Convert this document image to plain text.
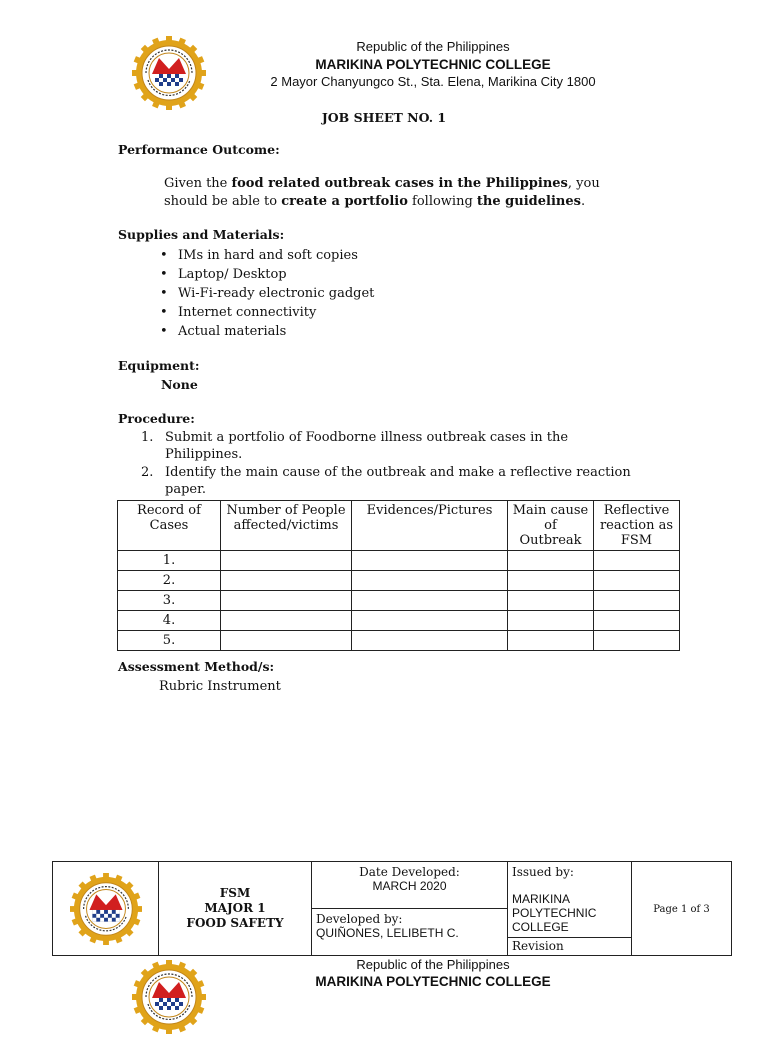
Republic of the Philippines
MARIKINA POLYTECHNIC COLLEGE
2 Mayor Chanyungco St., Sta. Elena, Marikina City 1800
JOB SHEET NO. 1
Performance Outcome:
Given the food related outbreak cases in the Philippines, you should be able to create a portfolio following the guidelines.
Supplies and Materials:
• IMs in hard and soft copies
• Laptop/ Desktop
• Wi-Fi-ready electronic gadget
• Internet connectivity
• Actual materials
Equipment:
None
Procedure:
1. Submit a portfolio of Foodborne illness outbreak cases in the Philippines.
2. Identify the main cause of the outbreak and make a reflective reaction paper.
Record of Cases	Number of People affected/victims	Evidences/Pictures	Main cause of Outbreak	Reflective reaction as FSM
1.				
2.				
3.				
4.				
5.				
Assessment Method/s:
Rubric Instrument

FSM
MAJOR 1
FOOD SAFETY

Date Developed:
MARCH 2020

Issued by:
MARIKINA POLYTECHNIC COLLEGE
	Page 1 of 3

Developed by:
QUIÑONES, LELIBETH C.

Revision
Republic of the Philippines
MARIKINA POLYTECHNIC COLLEGE
